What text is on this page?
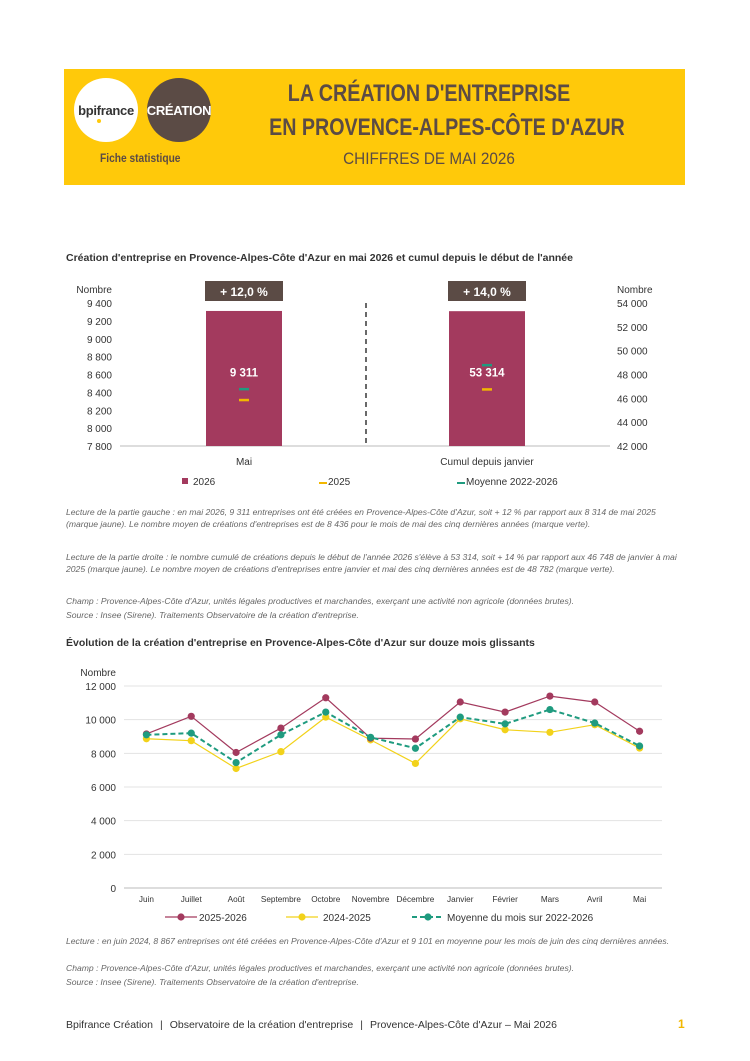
bpifrance CRÉATION
Fiche statistique
LA CRÉATION D'ENTREPRISE
EN PROVENCE-ALPES-CÔTE D'AZUR
CHIFFRES DE MAI 2026
Création d'entreprise en Provence-Alpes-Côte d'Azur en mai 2026 et cumul depuis le début de l'année
Nombre	Nombre
7 800
8 000
8 200
8 400
8 600
8 800
9 000
9 200
9 400
42 000
44 000
46 000
48 000
50 000
52 000
54 000
9 311
+ 12,0 %
Mai
53 314
+ 14,0 %
Cumul depuis janvier
2026	2025	Moyenne 2022-2026
Lecture de la partie gauche : en mai 2026, 9 311 entreprises ont été créées en Provence-Alpes-Côte d'Azur, soit + 12 % par rapport aux 8 314 de mai 2025 (marque jaune). Le nombre moyen de créations d'entreprises est de 8 436 pour le mois de mai des cinq dernières années (marque verte).
Lecture de la partie droite : le nombre cumulé de créations depuis le début de l'année 2026 s'élève à 53 314, soit + 14 % par rapport aux 46 748 de janvier à mai 2025 (marque jaune). Le nombre moyen de créations d'entreprises entre janvier et mai des cinq dernières années est de 48 782 (marque verte).
Champ : Provence-Alpes-Côte d'Azur, unités légales productives et marchandes, exerçant une activité non agricole (données brutes).
Source : Insee (Sirene). Traitements Observatoire de la création d'entreprise.
Évolution de la création d'entreprise en Provence-Alpes-Côte d'Azur sur douze mois glissants
Nombre
0
2 000
4 000
6 000
8 000
10 000
12 000
Juin	Juillet	Août Septembre Octobre Novembre Décembre Janvier Février	Mars	Avril	Mai
2025-2026	2024-2025	Moyenne du mois sur 2022-2026
Lecture : en juin 2024, 8 867 entreprises ont été créées en Provence-Alpes-Côte d'Azur et 9 101 en moyenne pour les mois de juin des cinq dernières années.
Champ : Provence-Alpes-Côte d'Azur, unités légales productives et marchandes, exerçant une activité non agricole (données brutes).
Source : Insee (Sirene). Traitements Observatoire de la création d'entreprise.
Bpifrance Création | Observatoire de la création d'entreprise | Provence-Alpes-Côte d'Azur – Mai 2026	1
